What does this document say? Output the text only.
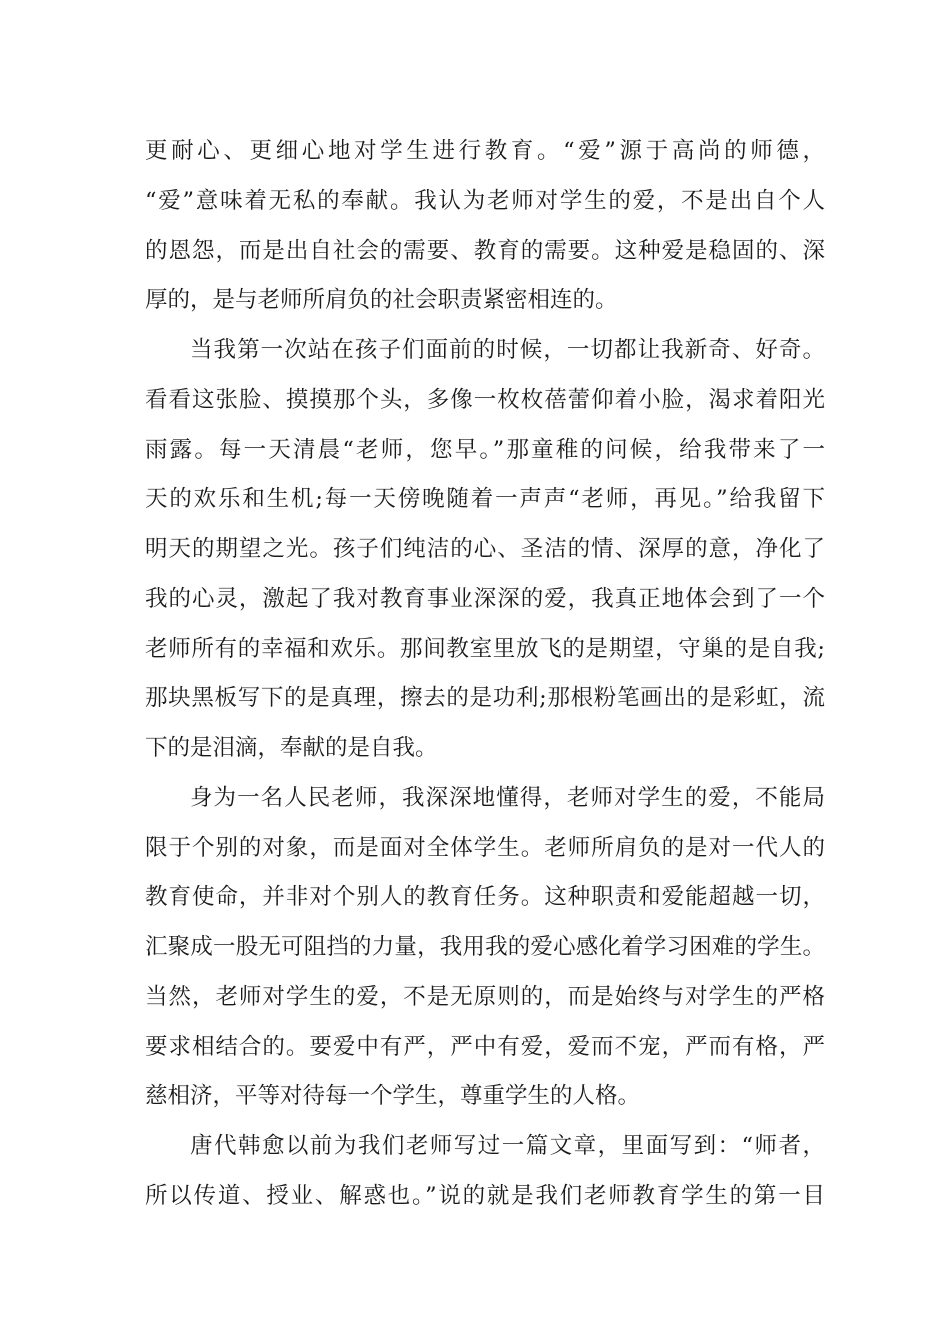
更耐心、更细心地对学生进行教育。“爱”源于高尚的师德，
“爱”意味着无私的奉献。我认为老师对学生的爱，不是出自个人
的恩怨，而是出自社会的需要、教育的需要。这种爱是稳固的、深
厚的，是与老师所肩负的社会职责紧密相连的。
当我第一次站在孩子们面前的时候，一切都让我新奇、好奇。
看看这张脸、摸摸那个头，多像一枚枚蓓蕾仰着小脸，渴求着阳光
雨露。每一天清晨“老师，您早。”那童稚的问候，给我带来了一
天的欢乐和生机;每一天傍晚随着一声声“老师，再见。”给我留下
明天的期望之光。孩子们纯洁的心、圣洁的情、深厚的意，净化了
我的心灵，激起了我对教育事业深深的爱，我真正地体会到了一个
老师所有的幸福和欢乐。那间教室里放飞的是期望，守巢的是自我;
那块黑板写下的是真理，擦去的是功利;那根粉笔画出的是彩虹，流
下的是泪滴，奉献的是自我。
身为一名人民老师，我深深地懂得，老师对学生的爱，不能局
限于个别的对象，而是面对全体学生。老师所肩负的是对一代人的
教育使命，并非对个别人的教育任务。这种职责和爱能超越一切，
汇聚成一股无可阻挡的力量，我用我的爱心感化着学习困难的学生。
当然，老师对学生的爱，不是无原则的，而是始终与对学生的严格
要求相结合的。要爱中有严，严中有爱，爱而不宠，严而有格，严
慈相济，平等对待每一个学生，尊重学生的人格。
唐代韩愈以前为我们老师写过一篇文章，里面写到：“师者，
所以传道、授业、解惑也。”说的就是我们老师教育学生的第一目
